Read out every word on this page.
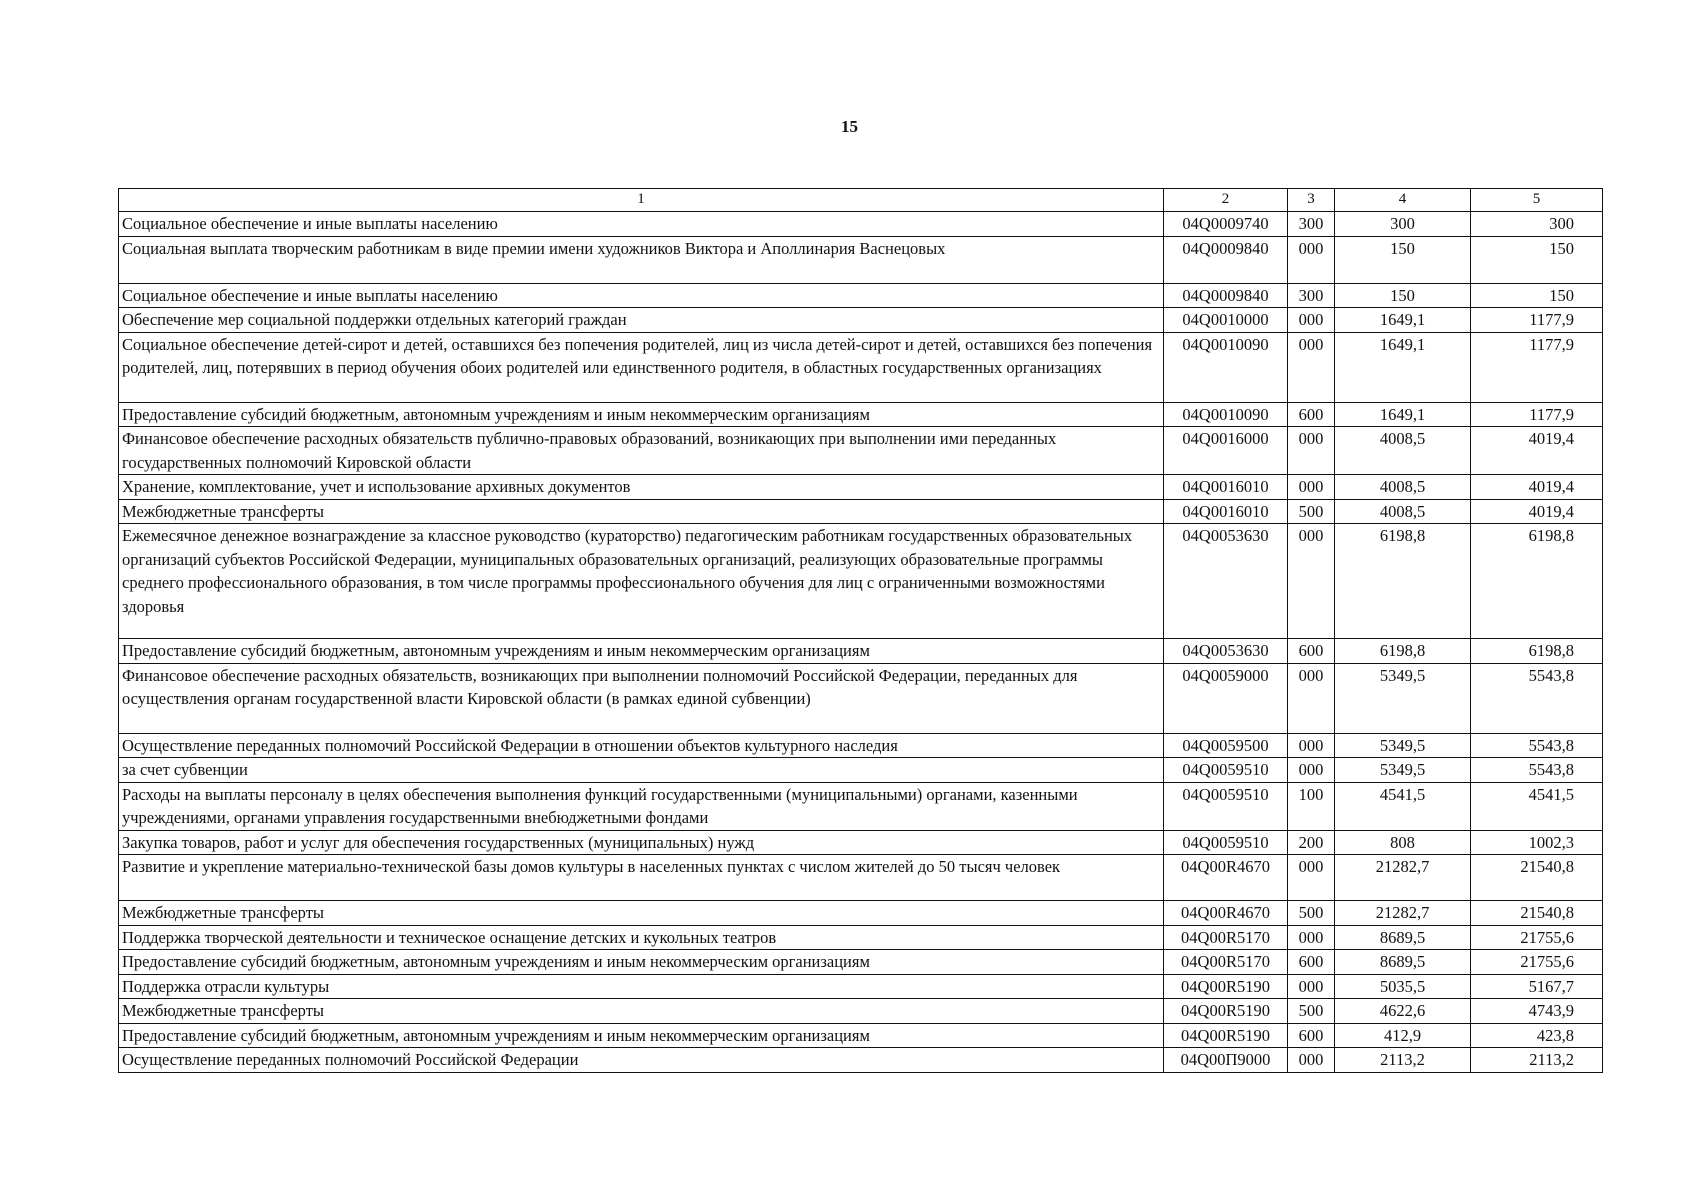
15
1	2	3	4	5
Социальное обеспечение и иные выплаты населению	04Q0009740	300	300	300
Социальная выплата творческим работникам в виде премии имени художников Виктора и Аполлинария Васнецовых	04Q0009840	000	150	150
Социальное обеспечение и иные выплаты населению	04Q0009840	300	150	150
Обеспечение мер социальной поддержки отдельных категорий граждан	04Q0010000	000	1649,1	1177,9
Социальное обеспечение детей-сирот и детей, оставшихся без попечения родителей, лиц из числа детей-сирот и детей, оставшихся без попечения родителей, лиц, потерявших в период обучения обоих родителей или единственного родителя, в областных государственных организациях	04Q0010090	000	1649,1	1177,9
Предоставление субсидий бюджетным, автономным учреждениям и иным некоммерческим организациям	04Q0010090	600	1649,1	1177,9
Финансовое обеспечение расходных обязательств публично-правовых образований, возникающих при выполнении ими переданных государственных полномочий Кировской области	04Q0016000	000	4008,5	4019,4
Хранение, комплектование, учет и использование архивных документов	04Q0016010	000	4008,5	4019,4
Межбюджетные трансферты	04Q0016010	500	4008,5	4019,4
Ежемесячное денежное вознаграждение за классное руководство (кураторство) педагогическим работникам государственных образовательных организаций субъектов Российской Федерации, муниципальных образовательных организаций, реализующих образовательные программы среднего профессионального образования, в том числе программы профессионального обучения для лиц с ограниченными возможностями здоровья	04Q0053630	000	6198,8	6198,8
Предоставление субсидий бюджетным, автономным учреждениям и иным некоммерческим организациям	04Q0053630	600	6198,8	6198,8
Финансовое обеспечение расходных обязательств, возникающих при выполнении полномочий Российской Федерации, переданных для осуществления органам государственной власти Кировской области (в рамках единой субвенции)	04Q0059000	000	5349,5	5543,8
Осуществление переданных полномочий Российской Федерации в отношении объектов культурного наследия	04Q0059500	000	5349,5	5543,8
за счет субвенции	04Q0059510	000	5349,5	5543,8
Расходы на выплаты персоналу в целях обеспечения выполнения функций государственными (муниципальными) органами, казенными учреждениями, органами управления государственными внебюджетными фондами	04Q0059510	100	4541,5	4541,5
Закупка товаров, работ и услуг для обеспечения государственных (муниципальных) нужд	04Q0059510	200	808	1002,3
Развитие и укрепление материально-технической базы домов культуры в населенных пунктах с числом жителей до 50 тысяч человек	04Q00R4670	000	21282,7	21540,8
Межбюджетные трансферты	04Q00R4670	500	21282,7	21540,8
Поддержка творческой деятельности и техническое оснащение детских и кукольных театров	04Q00R5170	000	8689,5	21755,6
Предоставление субсидий бюджетным, автономным учреждениям и иным некоммерческим организациям	04Q00R5170	600	8689,5	21755,6
Поддержка отрасли культуры	04Q00R5190	000	5035,5	5167,7
Межбюджетные трансферты	04Q00R5190	500	4622,6	4743,9
Предоставление субсидий бюджетным, автономным учреждениям и иным некоммерческим организациям	04Q00R5190	600	412,9	423,8
Осуществление переданных полномочий Российской Федерации	04Q00П9000	000	2113,2	2113,2
